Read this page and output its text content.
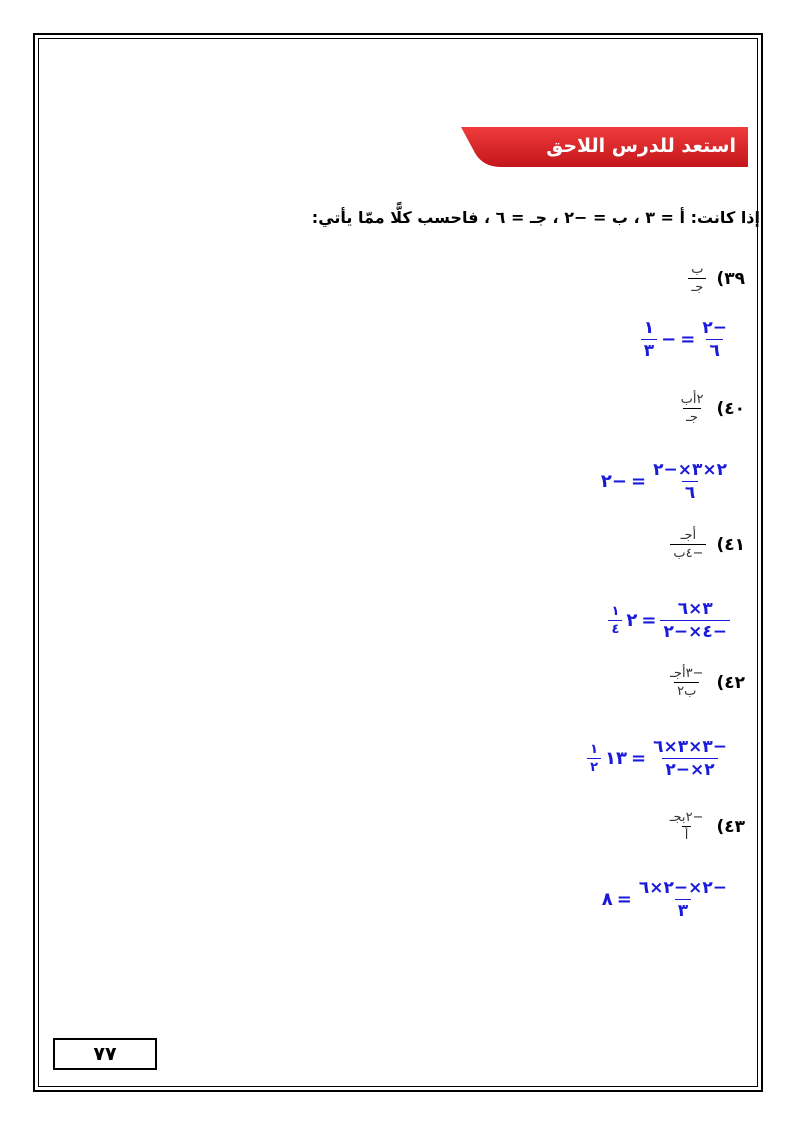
استعد للدرس اللاحق
إذا كانت: أ = ٣ ، ب = −٢ ، جـ = ٦ ، فاحسب كلًّا ممّا يأتي:
٣٩)
$\frac{\text{ب}}{\text{جـ}}$
$\frac{-٢}{٦}$
=
−
$\frac{١}{٣}$
٤٠)
$\frac{\text{٢أب}}{\text{جـ}}$
$\frac{٢\times ٣\times-٢}{٦}$
=
−٢
٤١)
$\frac{\text{أجـ}}{\text{−٤ب}}$
$\frac{٣\times ٦}{-٤\times-٢}$
=
٢
$\frac{١}{٤}$
٤٢)
$\frac{\text{−٣أجـ}}{\text{ب٢}}$
$\frac{-٣\times ٣\times ٦}{٢\times-٢}$
=
١٣
$\frac{١}{٢}$
٤٣)
$\frac{\text{−٢بجـ}}{\text{أ}}$
$\frac{-٢\times-٢\times ٦}{٣}$
=
٨
٧٧
